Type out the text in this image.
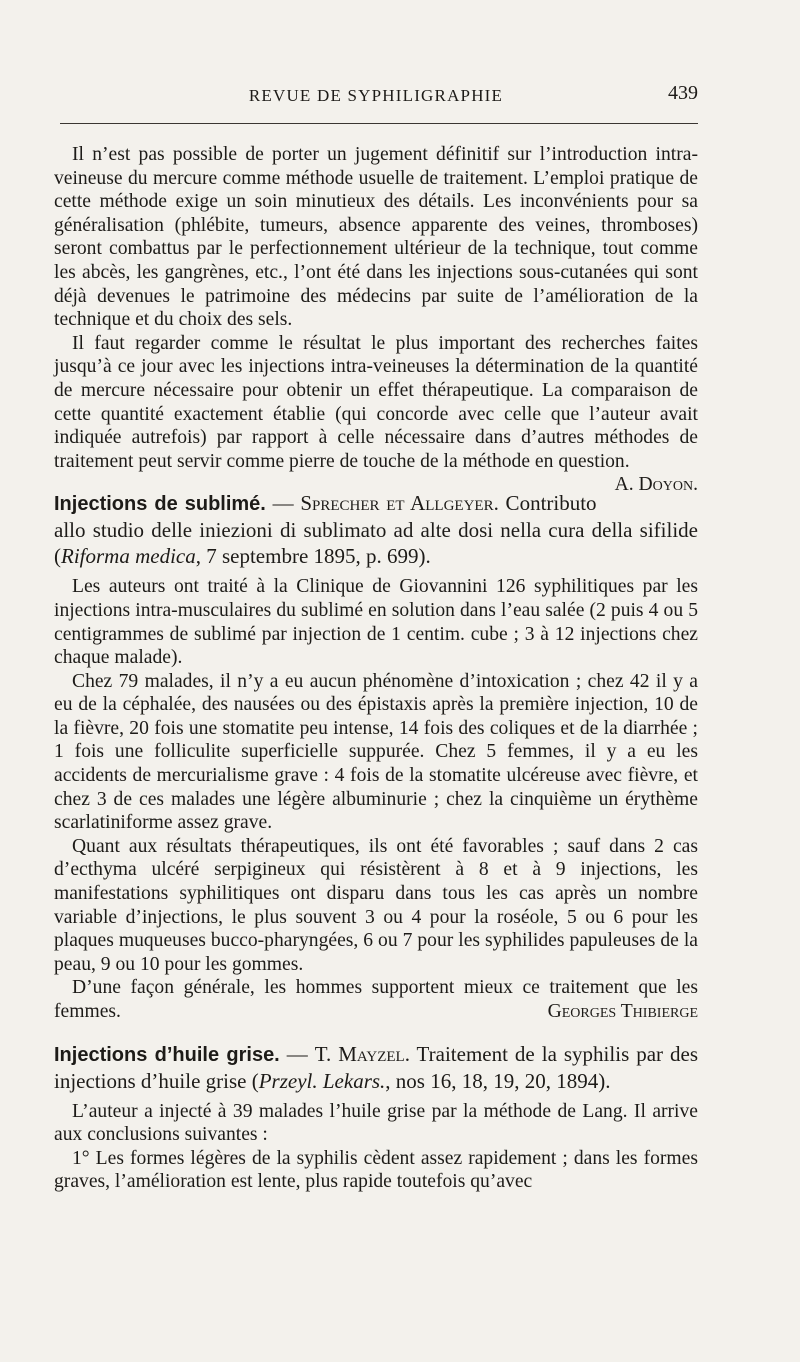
REVUE DE SYPHILIGRAPHIE	439

Il n’est pas possible de porter un jugement définitif sur l’introduction intra-veineuse du mercure comme méthode usuelle de traitement. L’emploi pratique de cette méthode exige un soin minutieux des détails. Les inconvénients pour sa généralisation (phlébite, tumeurs, absence apparente des veines, thromboses) seront combattus par le perfectionnement ultérieur de la technique, tout comme les abcès, les gangrènes, etc., l’ont été dans les injections sous-cutanées qui sont déjà devenues le patrimoine des médecins par suite de l’amélioration de la technique et du choix des sels.

Il faut regarder comme le résultat le plus important des recherches faites jusqu’à ce jour avec les injections intra-veineuses la détermination de la quantité de mercure nécessaire pour obtenir un effet thérapeutique. La comparaison de cette quantité exactement établie (qui concorde avec celle que l’auteur avait indiquée autrefois) par rapport à celle nécessaire dans d’autres méthodes de traitement peut servir comme pierre de touche de la méthode en question.
A. Doyon.

Injections de sublimé. — Sprecher et Allgeyer. Contributo allo studio delle iniezioni di sublimato ad alte dosi nella cura della sifilide (Riforma medica, 7 septembre 1895, p. 699).

Les auteurs ont traité à la Clinique de Giovannini 126 syphilitiques par les injections intra-musculaires du sublimé en solution dans l’eau salée (2 puis 4 ou 5 centigrammes de sublimé par injection de 1 centim. cube ; 3 à 12 injections chez chaque malade).

Chez 79 malades, il n’y a eu aucun phénomène d’intoxication ; chez 42 il y a eu de la céphalée, des nausées ou des épistaxis après la première injection, 10 de la fièvre, 20 fois une stomatite peu intense, 14 fois des coliques et de la diarrhée ; 1 fois une folliculite superficielle suppurée. Chez 5 femmes, il y a eu les accidents de mercurialisme grave : 4 fois de la stomatite ulcéreuse avec fièvre, et chez 3 de ces malades une légère albuminurie ; chez la cinquième un érythème scarlatiniforme assez grave.

Quant aux résultats thérapeutiques, ils ont été favorables ; sauf dans 2 cas d’ecthyma ulcéré serpigineux qui résistèrent à 8 et à 9 injections, les manifestations syphilitiques ont disparu dans tous les cas après un nombre variable d’injections, le plus souvent 3 ou 4 pour la roséole, 5 ou 6 pour les plaques muqueuses bucco-pharyngées, 6 ou 7 pour les syphilides papuleuses de la peau, 9 ou 10 pour les gommes.

D’une façon générale, les hommes supportent mieux ce traitement que les femmes.	Georges Thibierge

Injections d’huile grise. — T. Mayzel. Traitement de la syphilis par des injections d’huile grise (Przeyl. Lekars., nos 16, 18, 19, 20, 1894).

L’auteur a injecté à 39 malades l’huile grise par la méthode de Lang. Il arrive aux conclusions suivantes :

1° Les formes légères de la syphilis cèdent assez rapidement ; dans les formes graves, l’amélioration est lente, plus rapide toutefois qu’avec
